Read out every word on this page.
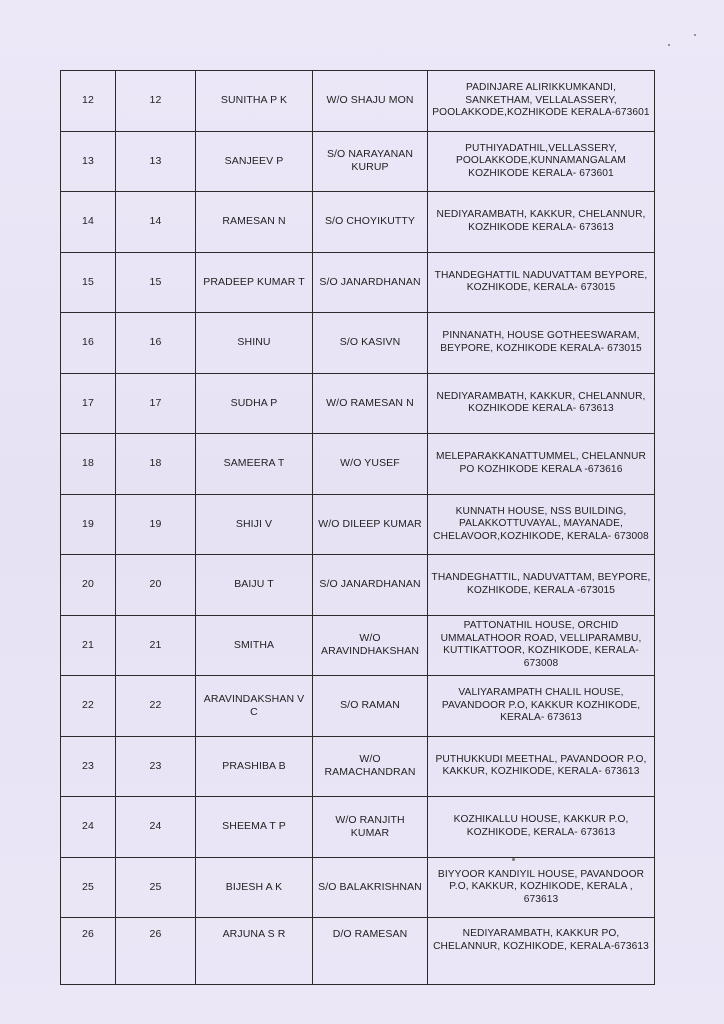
12	12	SUNITHA P K	W/O SHAJU MON	PADINJARE ALIRIKKUMKANDI, SANKETHAM, VELLALASSERY, POOLAKKODE,KOZHIKODE KERALA-673601
13	13	SANJEEV P	S/O NARAYANAN KURUP	PUTHIYADATHIL,VELLASSERY, POOLAKKODE,KUNNAMANGALAM KOZHIKODE KERALA- 673601
14	14	RAMESAN N	S/O CHOYIKUTTY	NEDIYARAMBATH, KAKKUR, CHELANNUR, KOZHIKODE KERALA- 673613
15	15	PRADEEP KUMAR T	S/O JANARDHANAN	THANDEGHATTIL NADUVATTAM BEYPORE, KOZHIKODE, KERALA- 673015
16	16	SHINU	S/O KASIVN	PINNANATH, HOUSE GOTHEESWARAM, BEYPORE, KOZHIKODE KERALA- 673015
17	17	SUDHA P	W/O RAMESAN N	NEDIYARAMBATH, KAKKUR, CHELANNUR, KOZHIKODE KERALA- 673613
18	18	SAMEERA T	W/O YUSEF	MELEPARAKKANATTUMMEL, CHELANNUR PO KOZHIKODE KERALA -673616
19	19	SHIJI V	W/O DILEEP KUMAR	KUNNATH HOUSE, NSS BUILDING, PALAKKOTTUVAYAL, MAYANADE, CHELAVOOR,KOZHIKODE, KERALA- 673008
20	20	BAIJU T	S/O JANARDHANAN	THANDEGHATTIL, NADUVATTAM, BEYPORE, KOZHIKODE, KERALA -673015
21	21	SMITHA	W/O ARAVINDHAKSHAN	PATTONATHIL HOUSE, ORCHID UMMALATHOOR ROAD, VELLIPARAMBU, KUTTIKATTOOR, KOZHIKODE, KERALA-673008
22	22	ARAVINDAKSHAN V C	S/O RAMAN	VALIYARAMPATH CHALIL HOUSE, PAVANDOOR P.O, KAKKUR KOZHIKODE, KERALA- 673613
23	23	PRASHIBA B	W/O RAMACHANDRAN	PUTHUKKUDI MEETHAL, PAVANDOOR P.O, KAKKUR, KOZHIKODE, KERALA- 673613
24	24	SHEEMA T P	W/O RANJITH KUMAR	KOZHIKALLU HOUSE, KAKKUR P.O, KOZHIKODE, KERALA- 673613
25	25	BIJESH A K	S/O BALAKRISHNAN	BIYYOOR KANDIYIL HOUSE, PAVANDOOR P.O, KAKKUR, KOZHIKODE, KERALA , 673613
26	26	ARJUNA S R	D/O RAMESAN	NEDIYARAMBATH, KAKKUR PO, CHELANNUR, KOZHIKODE, KERALA-673613
